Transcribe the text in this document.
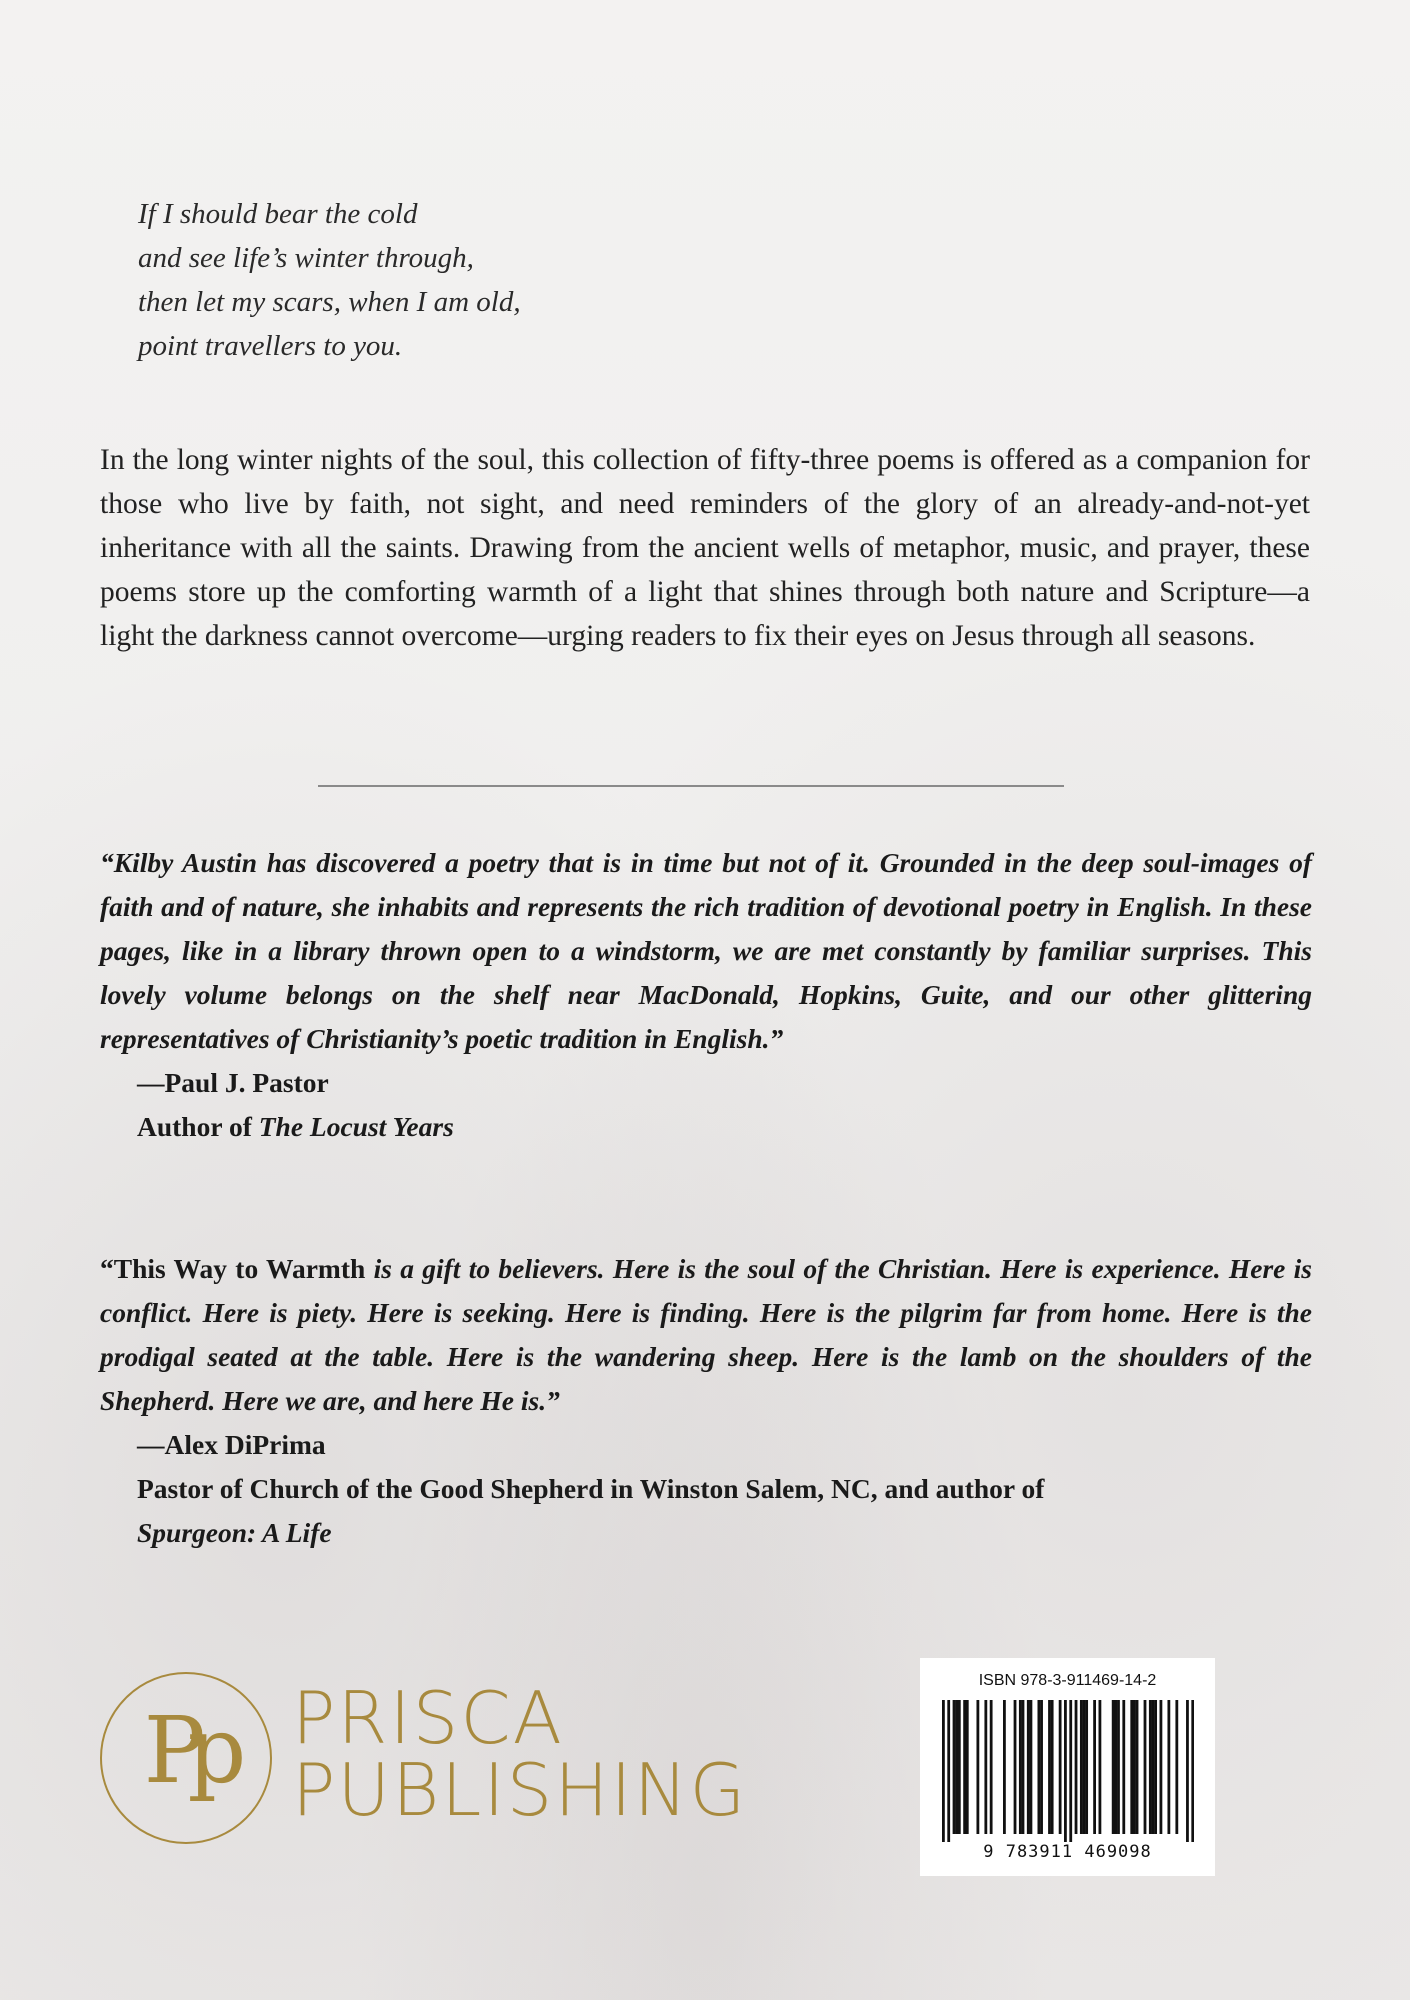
If I should bear the cold
and see life’s winter through,
then let my scars, when I am old,
point travellers to you.
In the long winter nights of the soul, this collection of fifty-three poems is offered as a companion for those who live by faith, not sight, and need reminders of the glory of an already-and-not-yet inheritance with all the saints. Drawing from the ancient wells of metaphor, music, and prayer, these poems store up the comforting warmth of a light that shines through both nature and Scripture—a light the darkness cannot overcome—urging readers to fix their eyes on Jesus through all seasons.
“Kilby Austin has discovered a poetry that is in time but not of it. Grounded in the deep soul-images of faith and of nature, she inhabits and represents the rich tradition of devotional poetry in English. In these pages, like in a library thrown open to a windstorm, we are met constantly by familiar surprises. This lovely volume belongs on the shelf near MacDonald, Hopkins, Guite, and our other glittering representatives of Christianity’s poetic tradition in English.”
—Paul J. Pastor
Author of The Locust Years
“This Way to Warmth is a gift to believers. Here is the soul of the Christian. Here is experience. Here is conflict. Here is piety. Here is seeking. Here is finding. Here is the pilgrim far from home. Here is the prodigal seated at the table. Here is the wandering sheep. Here is the lamb on the shoulders of the Shepherd. Here we are, and here He is.”
—Alex DiPrima
Pastor of Church of the Good Shepherd in Winston Salem, NC, and author of
Spurgeon: A Life
Pp PRISCA
PUBLISHING
ISBN 978-3-911469-14-2
9 783911 469098
